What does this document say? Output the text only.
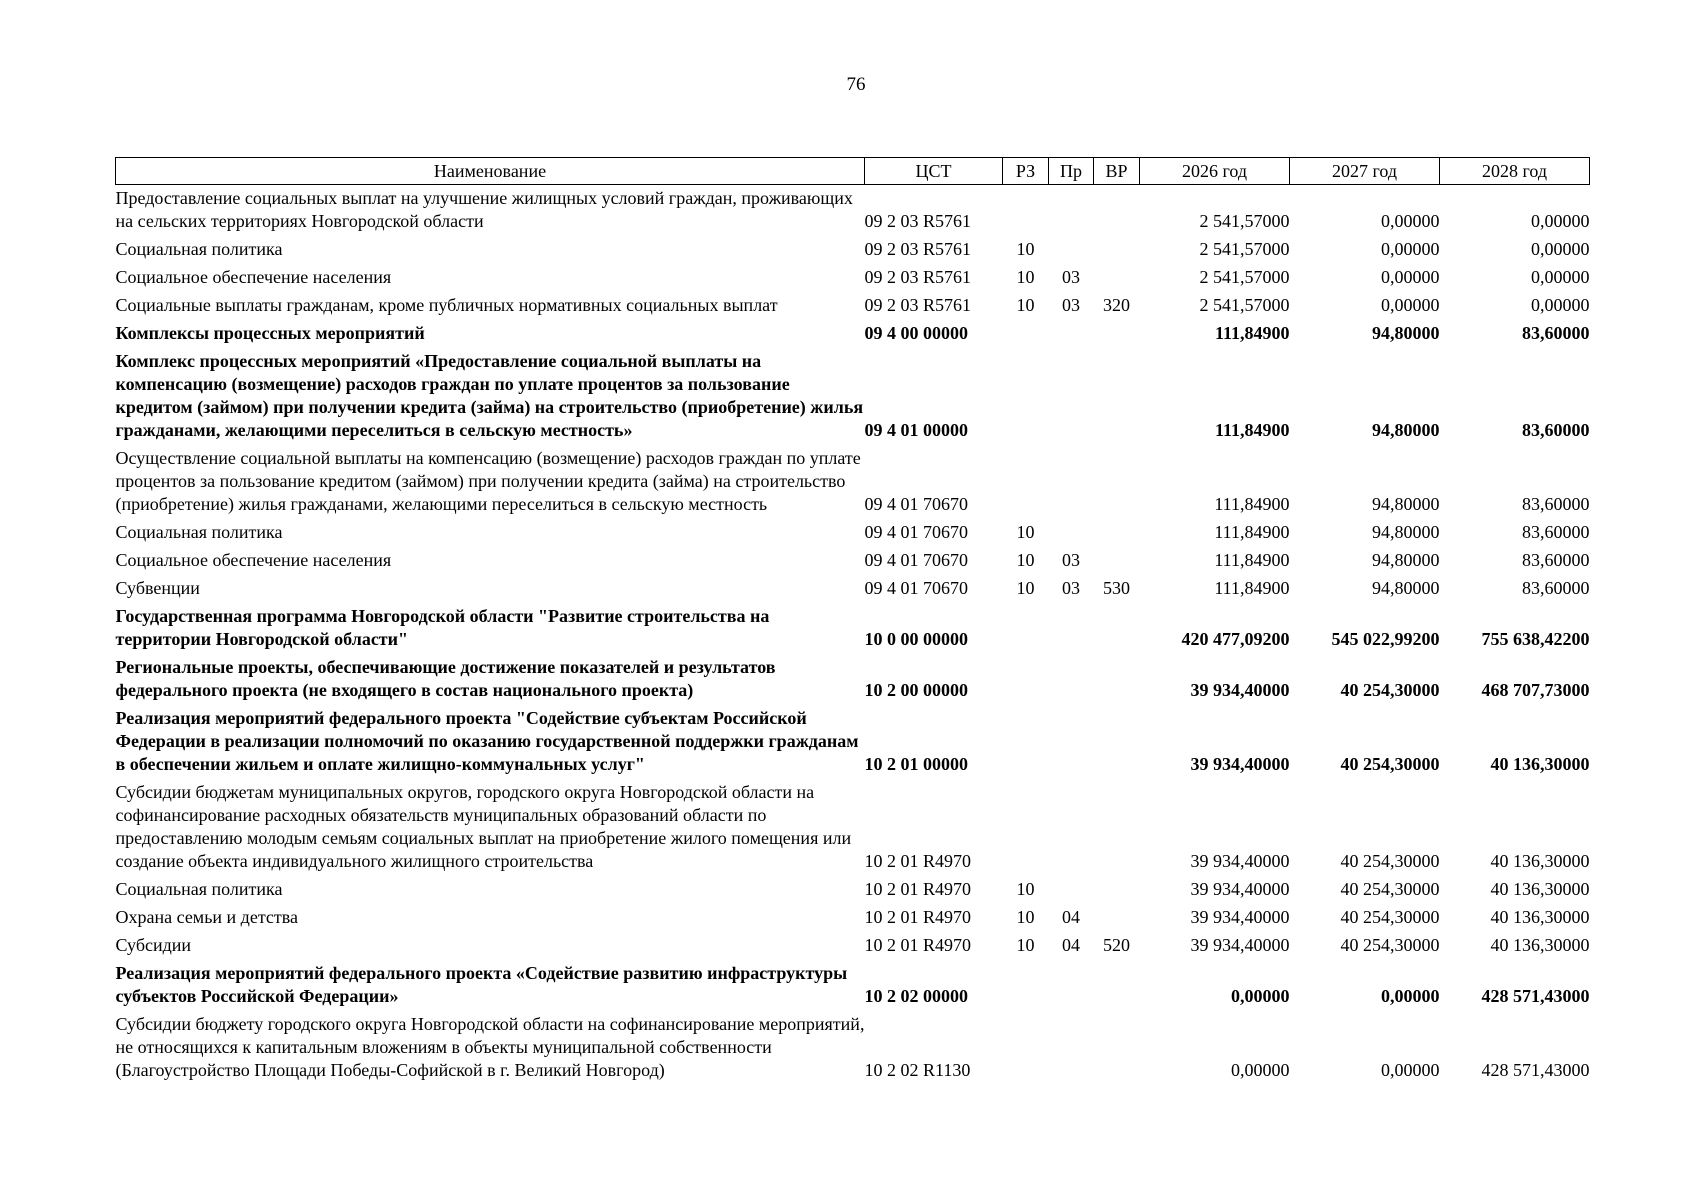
76
Наименование	ЦСТ	РЗ	Пр	ВР	2026 год	2027 год	2028 год
Предоставление социальных выплат на улучшение жилищных условий граждан, проживающих на сельских территориях Новгородской области	09 2 03 R5761				2 541,57000	0,00000	0,00000
Социальная политика	09 2 03 R5761	10			2 541,57000	0,00000	0,00000
Социальное обеспечение населения	09 2 03 R5761	10	03		2 541,57000	0,00000	0,00000
Социальные выплаты гражданам, кроме публичных нормативных социальных выплат	09 2 03 R5761	10	03	320	2 541,57000	0,00000	0,00000
Комплексы процессных мероприятий	09 4 00 00000				111,84900	94,80000	83,60000
Комплекс процессных мероприятий «Предоставление социальной выплаты на компенсацию (возмещение) расходов граждан по уплате процентов за пользование кредитом (займом) при получении кредита (займа) на строительство (приобретение) жилья гражданами, желающими переселиться в сельскую местность»	09 4 01 00000				111,84900	94,80000	83,60000
Осуществление социальной выплаты на компенсацию (возмещение) расходов граждан по уплате процентов за пользование кредитом (займом) при получении кредита (займа) на строительство (приобретение) жилья гражданами, желающими переселиться в сельскую местность	09 4 01 70670				111,84900	94,80000	83,60000
Социальная политика	09 4 01 70670	10			111,84900	94,80000	83,60000
Социальное обеспечение населения	09 4 01 70670	10	03		111,84900	94,80000	83,60000
Субвенции	09 4 01 70670	10	03	530	111,84900	94,80000	83,60000
Государственная программа Новгородской области "Развитие строительства на территории Новгородской области"	10 0 00 00000				420 477,09200	545 022,99200	755 638,42200
Региональные проекты, обеспечивающие достижение показателей и результатов федерального проекта (не входящего в состав национального проекта)	10 2 00 00000				39 934,40000	40 254,30000	468 707,73000
Реализация мероприятий федерального проекта "Содействие субъектам Российской Федерации в реализации полномочий по оказанию государственной поддержки гражданам в обеспечении жильем и оплате жилищно-коммунальных услуг"	10 2 01 00000				39 934,40000	40 254,30000	40 136,30000
Субсидии бюджетам муниципальных округов, городского округа Новгородской области на софинансирование расходных обязательств муниципальных образований области по предоставлению молодым семьям социальных выплат на приобретение жилого помещения или создание объекта индивидуального жилищного строительства	10 2 01 R4970				39 934,40000	40 254,30000	40 136,30000
Социальная политика	10 2 01 R4970	10			39 934,40000	40 254,30000	40 136,30000
Охрана семьи и детства	10 2 01 R4970	10	04		39 934,40000	40 254,30000	40 136,30000
Субсидии	10 2 01 R4970	10	04	520	39 934,40000	40 254,30000	40 136,30000
Реализация мероприятий федерального проекта «Содействие развитию инфраструктуры субъектов Российской Федерации»	10 2 02 00000				0,00000	0,00000	428 571,43000
Субсидии бюджету городского округа Новгородской области на софинансирование мероприятий, не относящихся к капитальным вложениям в объекты муниципальной собственности (Благоустройство Площади Победы-Софийской в г. Великий Новгород)	10 2 02 R1130				0,00000	0,00000	428 571,43000
